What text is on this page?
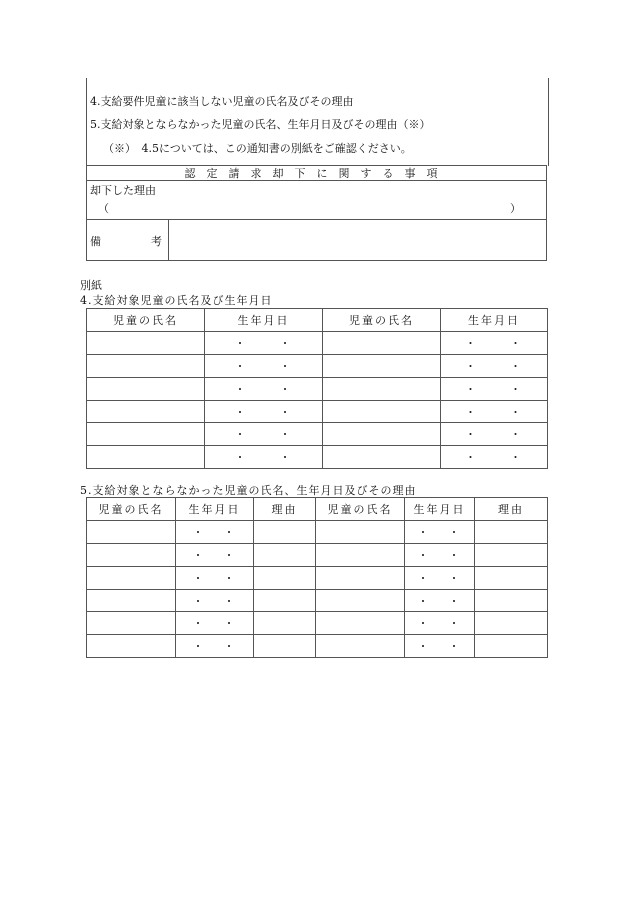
4.支給要件児童に該当しない児童の氏名及びその理由
5.支給対象とならなかった児童の氏名、生年月日及びその理由（※）
（※）　4.5については、この通知書の別紙をご確認ください。
認定請求却下に関する事項
却下した理由
（	）
備	考
別紙
4.支給対象児童の氏名及び生年月日
児童の氏名	生年月日	児童の氏名	生年月日
	・ ・		・ ・
	・ ・		・ ・
	・ ・		・ ・
	・ ・		・ ・
	・ ・		・ ・
	・ ・		・ ・
5.支給対象とならなかった児童の氏名、生年月日及びその理由
児童の氏名	生年月日	理由	児童の氏名	生年月日	理由
	・ ・			・ ・	
	・ ・			・ ・	
	・ ・			・ ・	
	・ ・			・ ・	
	・ ・			・ ・	
	・ ・			・ ・	
